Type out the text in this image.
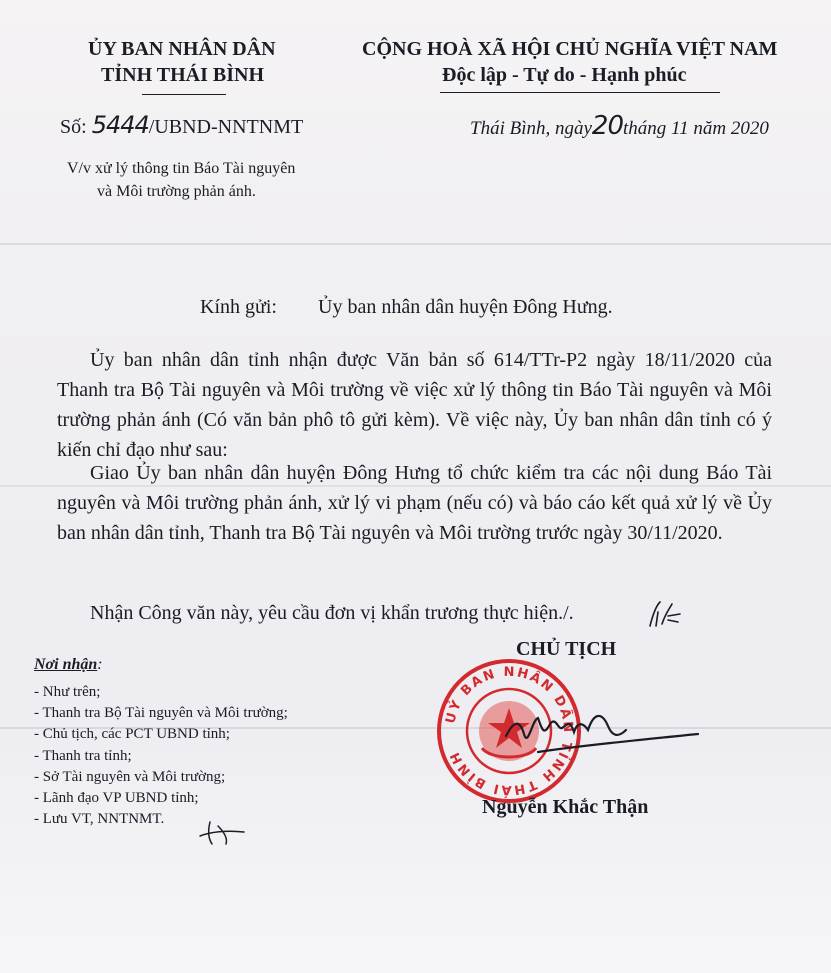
ỦY BAN NHÂN DÂN
TỈNH THÁI BÌNH
CỘNG HOÀ XÃ HỘI CHỦ NGHĨA VIỆT NAM
Độc lập - Tự do - Hạnh phúc
Số: 5444/UBND-NNTNMT	Thái Bình, ngày20tháng 11 năm 2020
V/v xử lý thông tin Báo Tài nguyên
và Môi trường phản ánh.
Kính gửi: Ủy ban nhân dân huyện Đông Hưng.
Ủy ban nhân dân tỉnh nhận được Văn bản số 614/TTr-P2 ngày 18/11/2020 của Thanh tra Bộ Tài nguyên và Môi trường về việc xử lý thông tin Báo Tài nguyên và Môi trường phản ánh (Có văn bản phô tô gửi kèm). Về việc này, Ủy ban nhân dân tỉnh có ý kiến chỉ đạo như sau:
Giao Ủy ban nhân dân huyện Đông Hưng tổ chức kiểm tra các nội dung Báo Tài nguyên và Môi trường phản ánh, xử lý vi phạm (nếu có) và báo cáo kết quả xử lý về Ủy ban nhân dân tỉnh, Thanh tra Bộ Tài nguyên và Môi trường trước ngày 30/11/2020.
Nhận Công văn này, yêu cầu đơn vị khẩn trương thực hiện./.
Nơi nhận:
- Như trên;
- Thanh tra Bộ Tài nguyên và Môi trường;
- Chủ tịch, các PCT UBND tỉnh;
- Thanh tra tỉnh;
- Sở Tài nguyên và Môi trường;
- Lãnh đạo VP UBND tỉnh;
- Lưu VT, NNTNMT.
UỶ BAN NHÂN DÂN TỈNH THÁI BÌNH
CHỦ TỊCH
Nguyễn Khắc Thận
